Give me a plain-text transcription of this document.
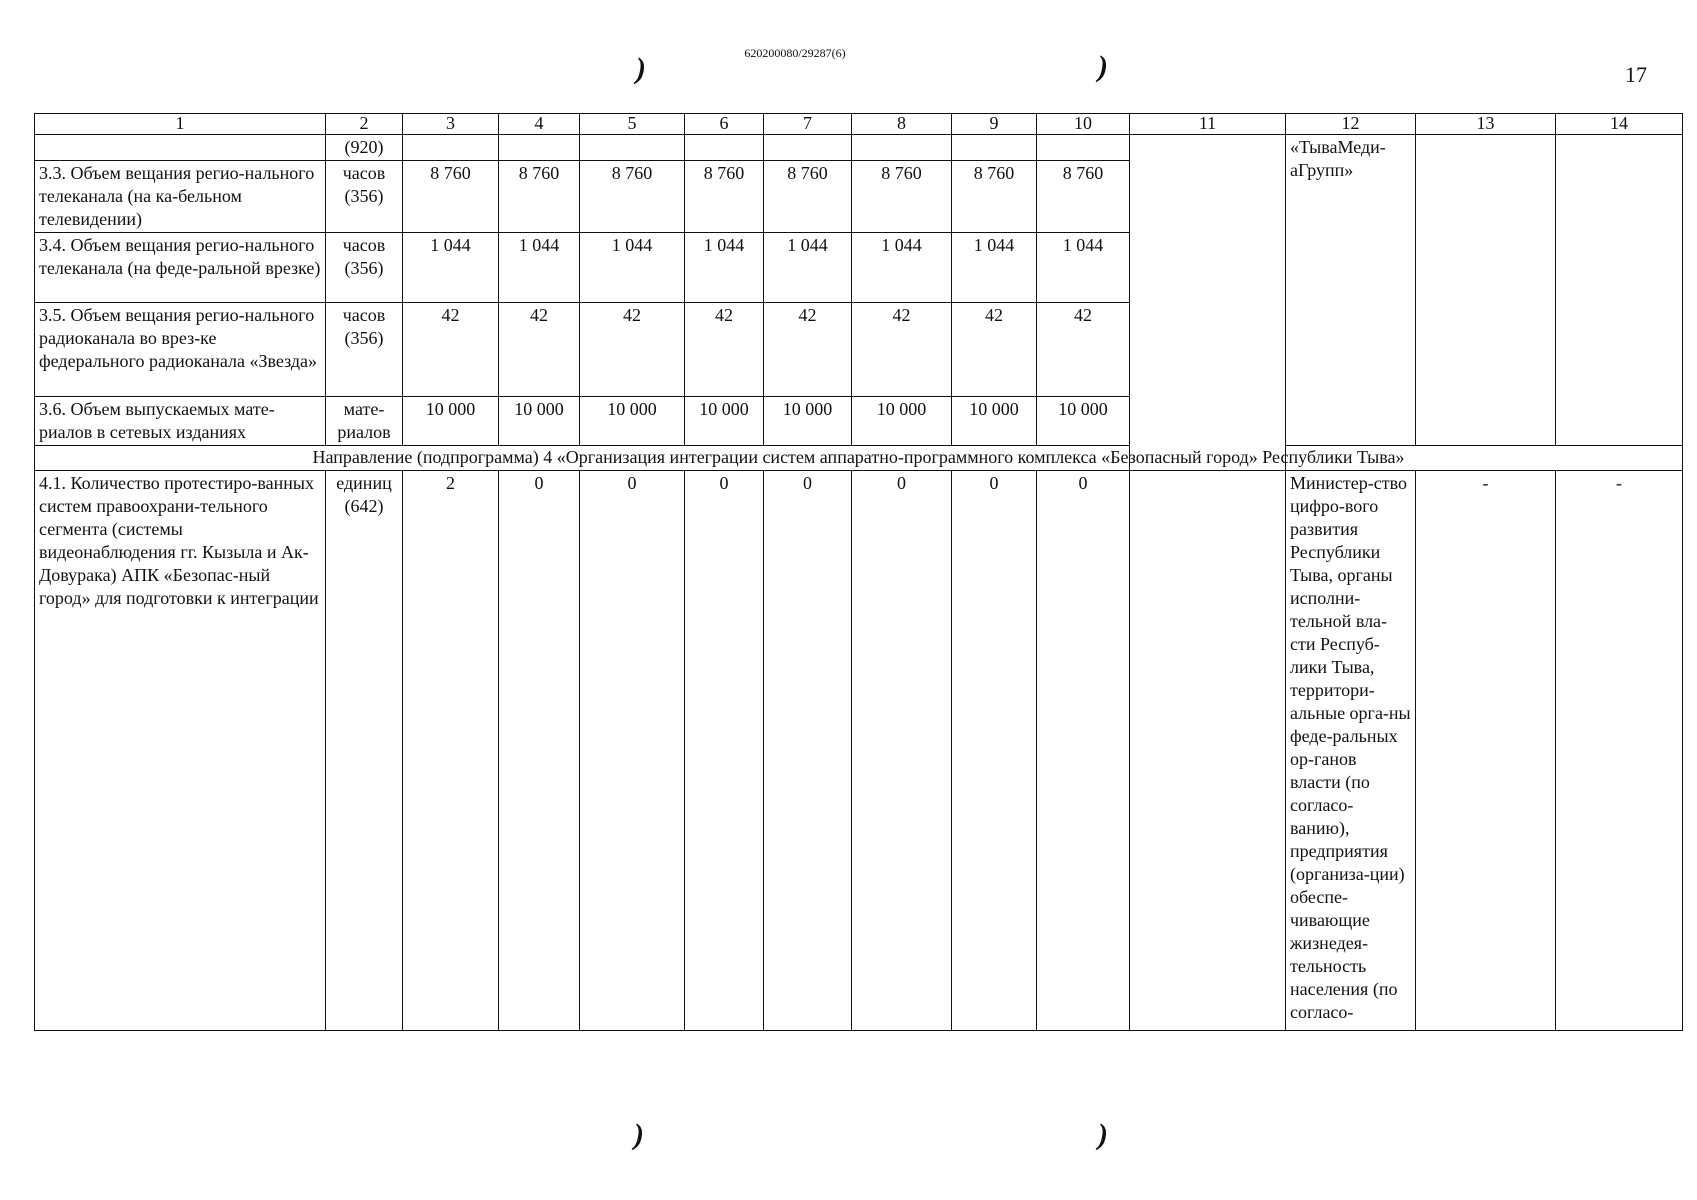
620200080/29287(6)
17
)	)
)	)
1	2	3	4	5	6	7	8	9	10	11	12	13	14
	(920)										«ТываМеди-аГрупп»		
3.3. Объем вещания регио-нального телеканала (на ка-бельном телевидении)	часов (356)	8 760	8 760	8 760	8 760	8 760	8 760	8 760	8 760				
3.4. Объем вещания регио-нального телеканала (на феде-ральной врезке)	часов (356)	1 044	1 044	1 044	1 044	1 044	1 044	1 044	1 044				
3.5. Объем вещания регио-нального радиоканала во врез-ке федерального радиоканала «Звезда»	часов (356)	42	42	42	42	42	42	42	42				
3.6. Объем выпускаемых мате-риалов в сетевых изданиях	мате-риалов	10 000	10 000	10 000	10 000	10 000	10 000	10 000	10 000				
Направление (подпрограмма) 4 «Организация интеграции систем аппаратно-программного комплекса «Безопасный город» Республики Тыва»													
4.1. Количество протестиро-ванных систем правоохрани-тельного сегмента (системы видеонаблюдения гг. Кызыла и Ак-Довурака) АПК «Безопас-ный город» для подготовки к интеграции	единиц (642)	2	0	0	0	0	0	0	0		Министер-ство цифро-вого развития Республики Тыва, органы исполни-тельной вла-сти Респуб-лики Тыва, территори-альные орга-ны феде-ральных ор-ганов власти (по согласо-ванию), предприятия (организа-ции) обеспе-чивающие жизнедея-тельность населения (по согласо-	-	-
